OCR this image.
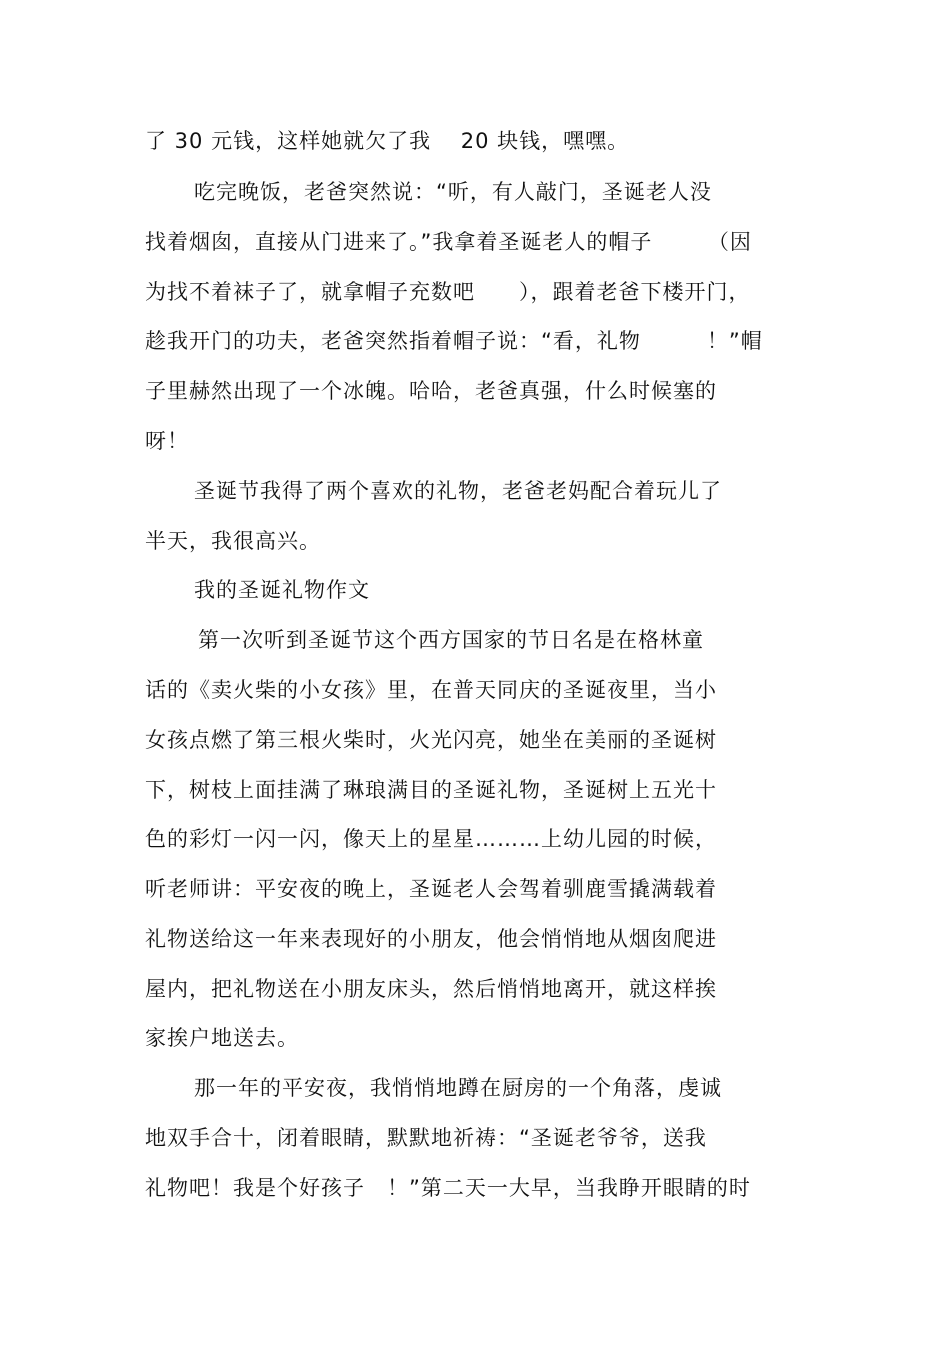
了 30 元钱，这样她就欠了我　 20 块钱，嘿嘿。
吃完晚饭，老爸突然说：“听，有人敲门，圣诞老人没
找着烟囱，直接从门进来了。”我拿着圣诞老人的帽子　　　（因
为找不着袜子了，就拿帽子充数吧　　），跟着老爸下楼开门，
趁我开门的功夫，老爸突然指着帽子说：“看，礼物　　　！”帽
子里赫然出现了一个冰魄。哈哈，老爸真强，什么时候塞的
呀！
圣诞节我得了两个喜欢的礼物，老爸老妈配合着玩儿了
半天，我很高兴。
我的圣诞礼物作文
第一次听到圣诞节这个西方国家的节日名是在格林童
话的《卖火柴的小女孩》里，在普天同庆的圣诞夜里，当小
女孩点燃了第三根火柴时，火光闪亮，她坐在美丽的圣诞树
下，树枝上面挂满了琳琅满目的圣诞礼物，圣诞树上五光十
色的彩灯一闪一闪，像天上的星星………上幼儿园的时候，
听老师讲：平安夜的晚上，圣诞老人会驾着驯鹿雪撬满载着
礼物送给这一年来表现好的小朋友，他会悄悄地从烟囱爬进
屋内，把礼物送在小朋友床头，然后悄悄地离开，就这样挨
家挨户地送去。
那一年的平安夜，我悄悄地蹲在厨房的一个角落，虔诚
地双手合十，闭着眼睛，默默地祈祷：“圣诞老爷爷，送我
礼物吧！我是个好孩子　！”第二天一大早，当我睁开眼睛的时
